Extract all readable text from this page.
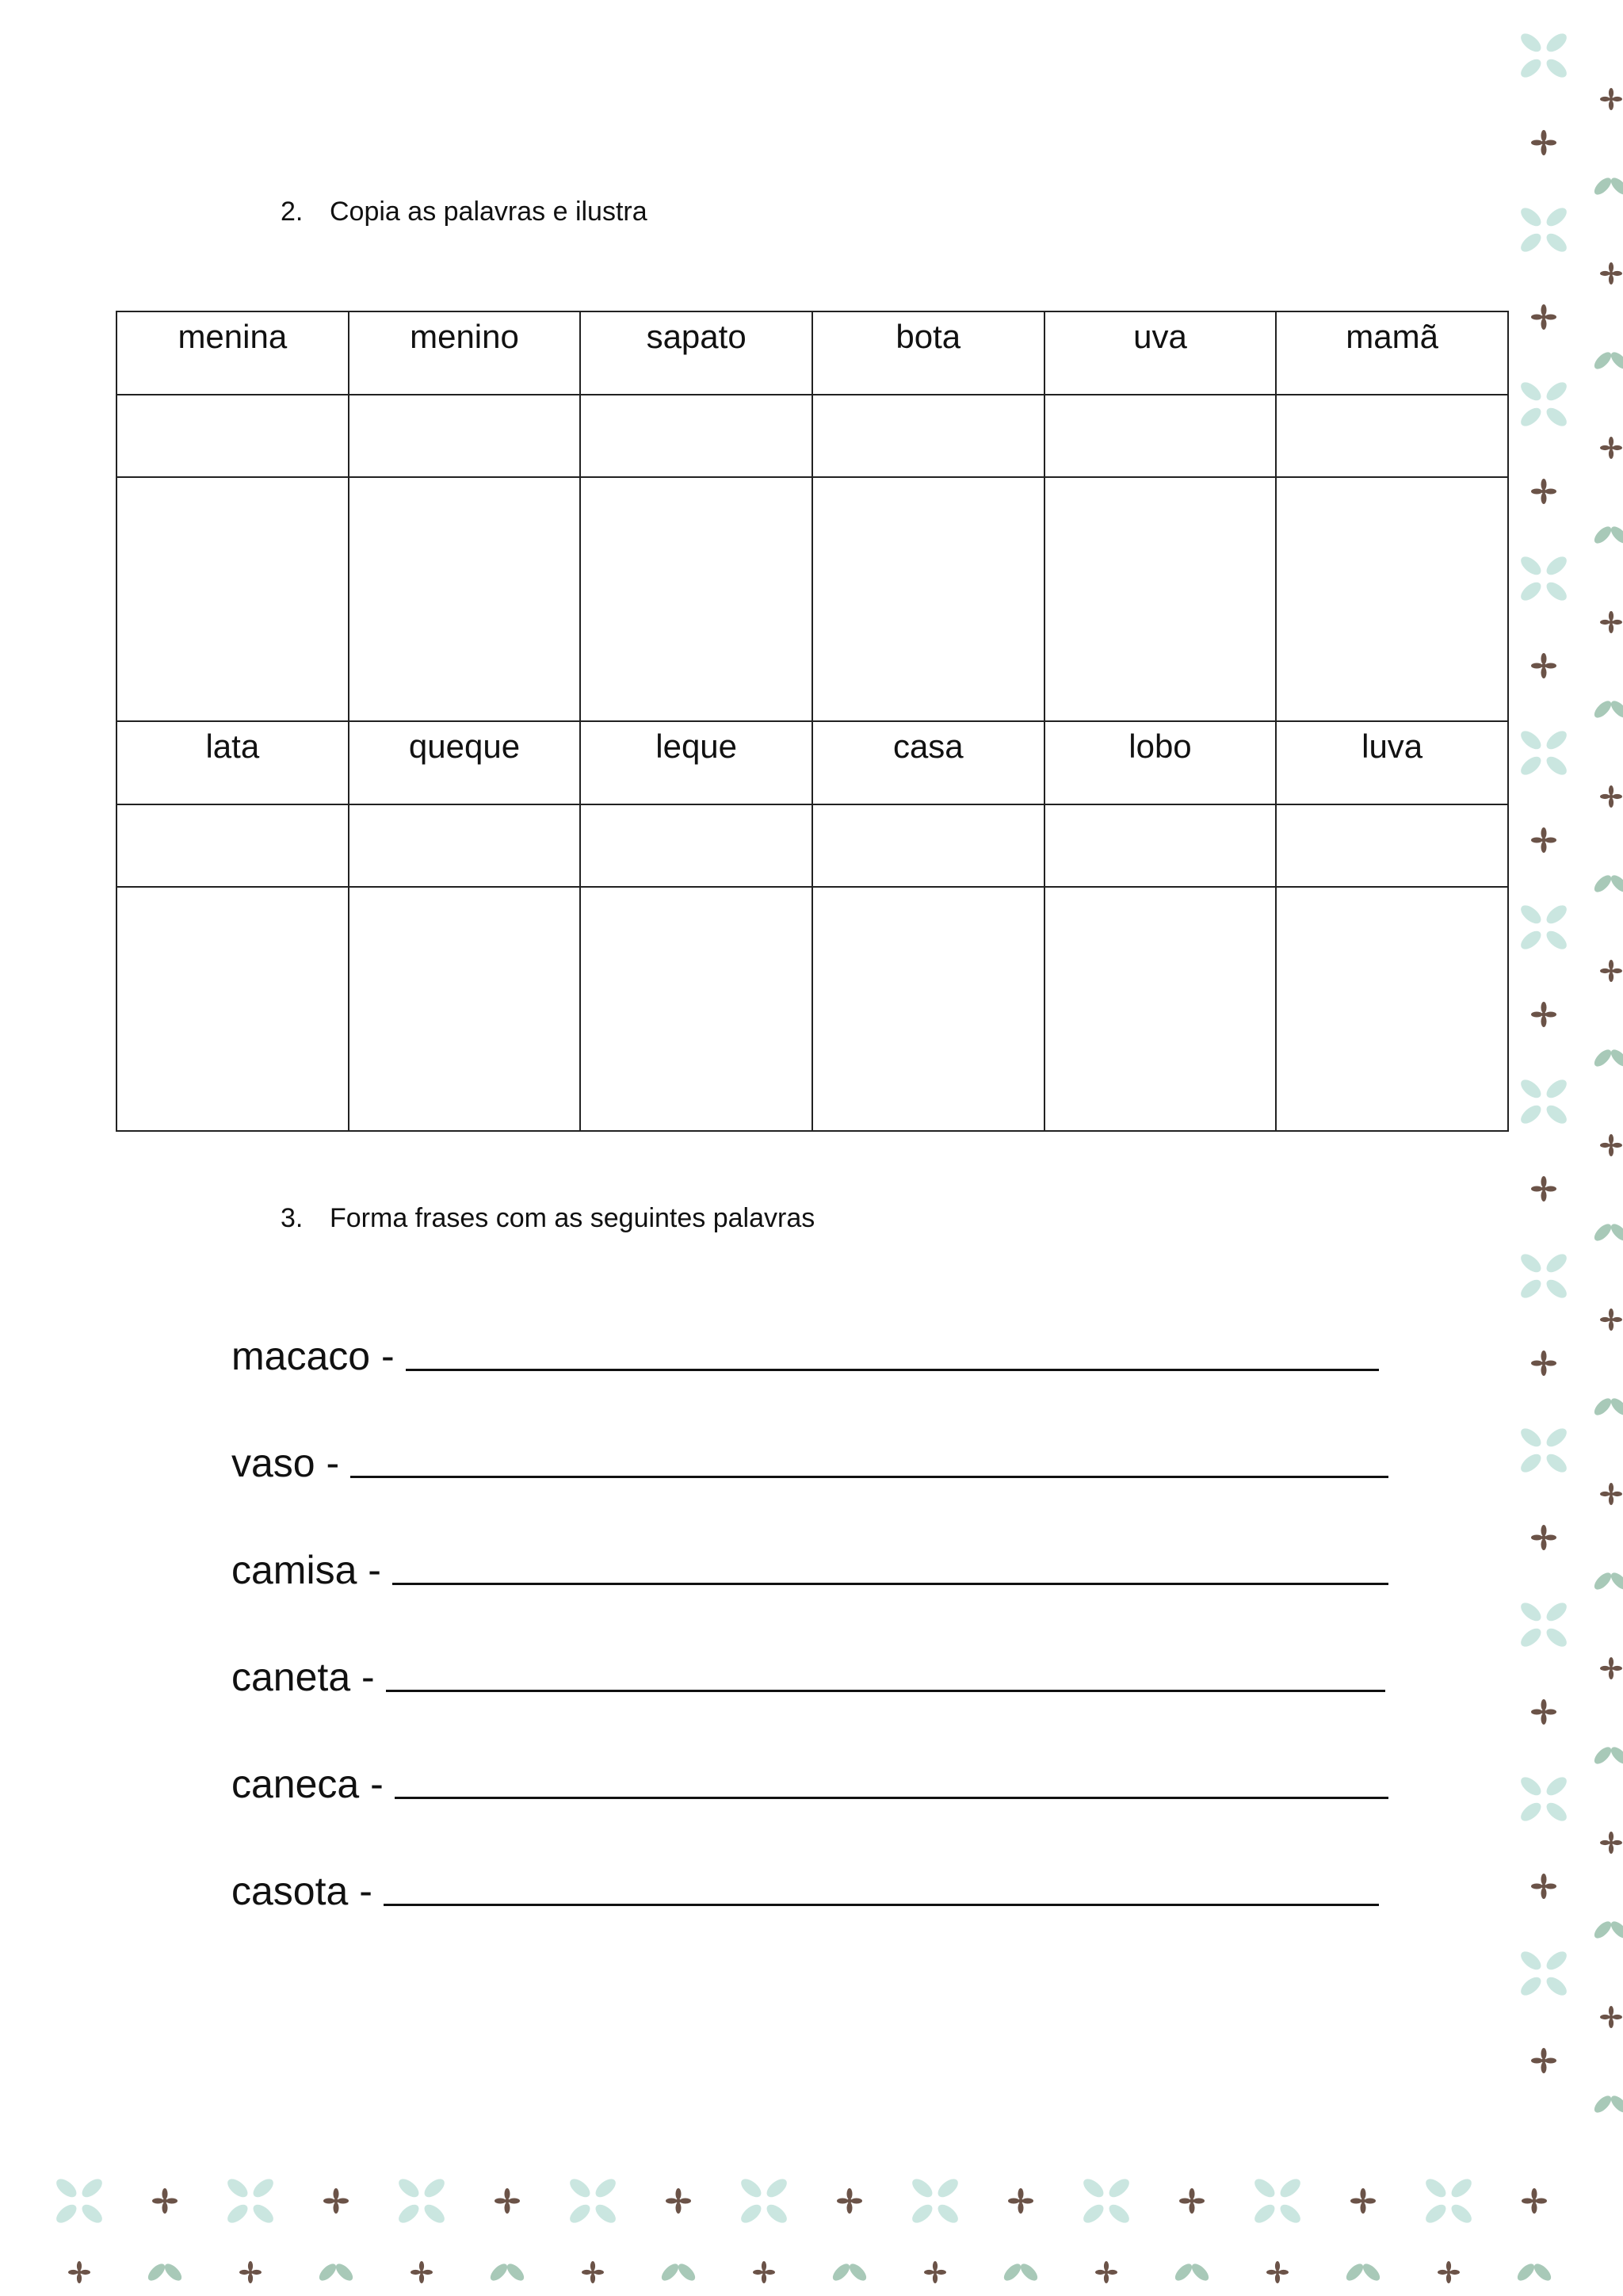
2. Copia as palavras e ilustra
menina	menino	sapato	bota	uva	mamã

lata	queque	leque	casa	lobo	luva

3. Forma frases com as seguintes palavras
macaco -
vaso -
camisa -
caneta -
caneca -
casota -
